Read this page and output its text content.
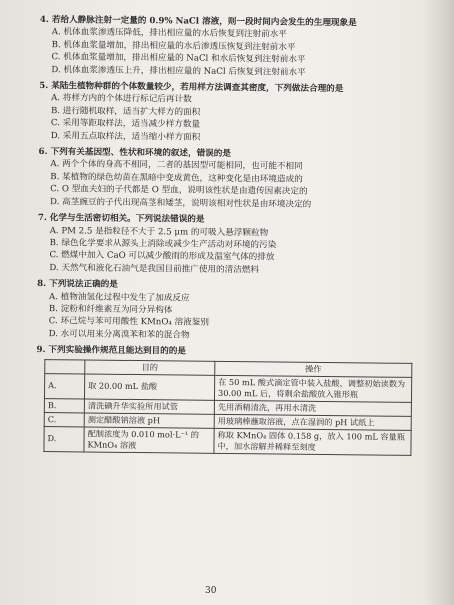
4. 若给人静脉注射一定量的 0.9% NaCl 溶液，则一段时间内会发生的生理现象是
A. 机体血浆渗透压降低，排出相应量的水后恢复到注射前水平
B. 机体血浆量增加，排出相应量的水后渗透压恢复到注射前水平
C. 机体血浆量增加，排出相应量的 NaCl 和水后恢复到注射前水平
D. 机体血浆渗透压上升，排出相应量的 NaCl 后恢复到注射前水平
5. 某陆生植物种群的个体数量较少，若用样方法调查其密度，下列做法合理的是
A. 将样方内的个体进行标记后再计数
B. 进行随机取样，适当扩大样方的面积
C. 采用等距取样法，适当减少样方数量
D. 采用五点取样法，适当缩小样方面积
6. 下列有关基因型、性状和环境的叙述，错误的是
A. 两个个体的身高不相同，二者的基因型可能相同，也可能不相同
B. 某植物的绿色幼苗在黑暗中变成黄色，这种变化是由环境造成的
C. O 型血夫妇的子代都是 O 型血，说明该性状是由遗传因素决定的
D. 高茎豌豆的子代出现高茎和矮茎，说明该相对性状是由环境决定的
7. 化学与生活密切相关。下列说法错误的是
A. PM 2.5 是指粒径不大于 2.5 μm 的可吸入悬浮颗粒物
B. 绿色化学要求从源头上消除或减少生产活动对环境的污染
C. 燃煤中加入 CaO 可以减少酸雨的形成及温室气体的排放
D. 天然气和液化石油气是我国目前推广使用的清洁燃料
8. 下列说法正确的是
A. 植物油氢化过程中发生了加成反应
B. 淀粉和纤维素互为同分异构体
C. 环己烷与苯可用酸性 KMnO₄ 溶液鉴别
D. 水可以用来分离溴苯和苯的混合物
9. 下列实验操作规范且能达到目的的是
	目的	操作
A.	取 20.00 mL 盐酸	在 50 mL 酸式滴定管中装入盐酸，调整初始读数为 30.00 mL 后，将剩余盐酸放入锥形瓶
B.	清洗碘升华实验所用试管	先用酒精清洗，再用水清洗
C.	测定醋酸钠溶液 pH	用玻璃棒蘸取溶液，点在湿润的 pH 试纸上
D.	配制浓度为 0.010 mol·L⁻¹ 的 KMnO₄ 溶液	称取 KMnO₄ 固体 0.158 g，放入 100 mL 容量瓶中，加水溶解并稀释至刻度
30
